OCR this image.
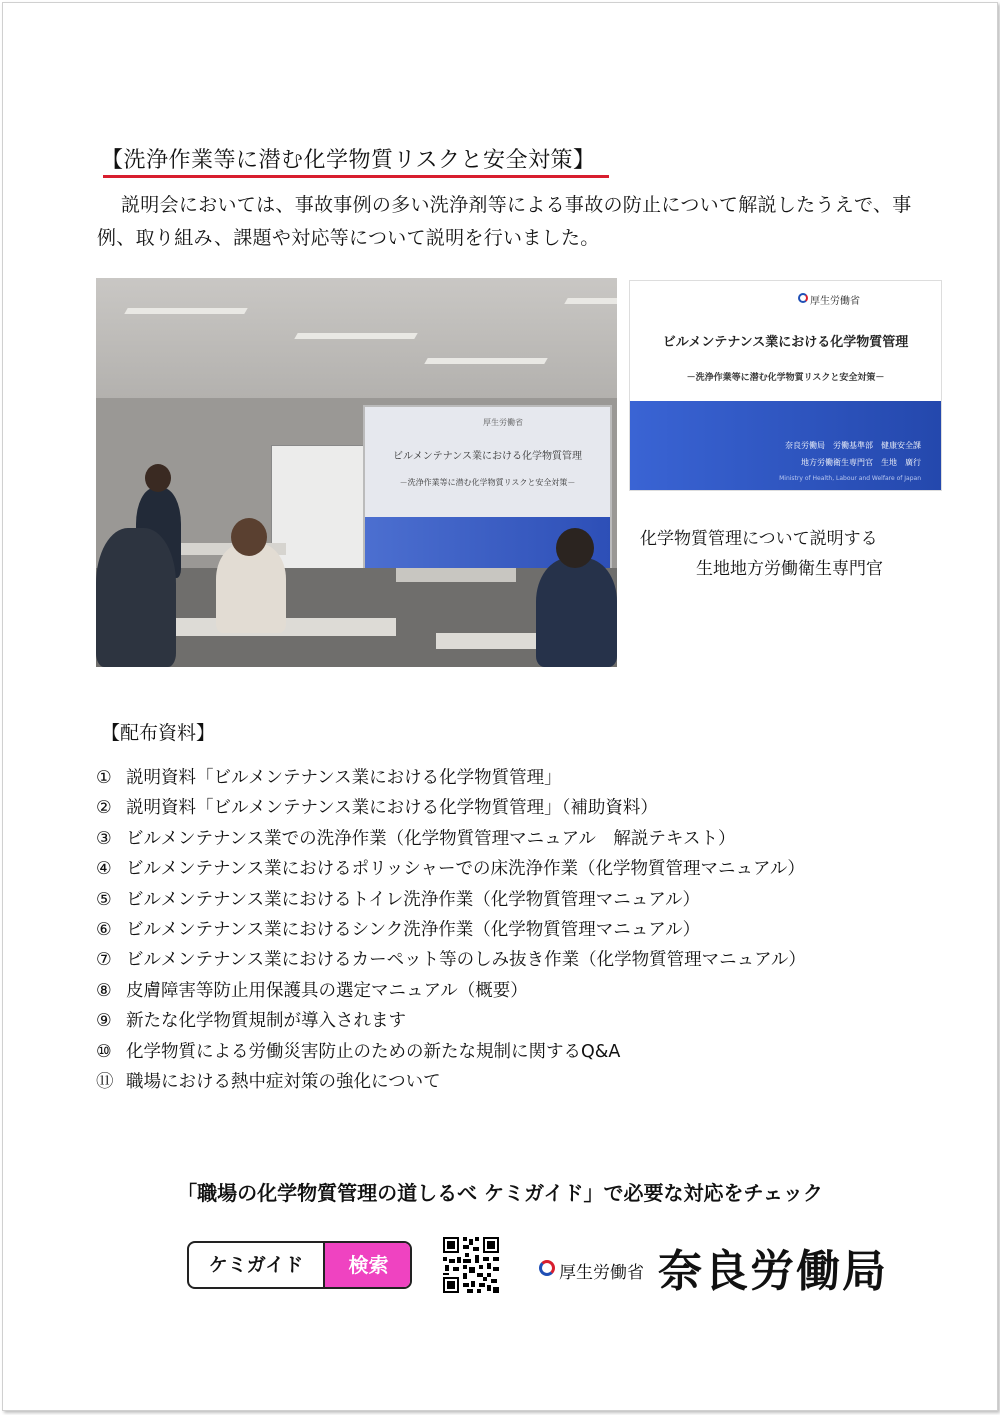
【洗浄作業等に潜む化学物質リスクと安全対策】
説明会においては、事故事例の多い洗浄剤等による事故の防止について解説したうえで、事例、取り組み、課題や対応等について説明を行いました。
厚生労働省
ビルメンテナンス業における化学物質管理
－洗浄作業等に潜む化学物質リスクと安全対策－
厚生労働省
ビルメンテナンス業における化学物質管理
－洗浄作業等に潜む化学物質リスクと安全対策－
奈良労働局　労働基準部　健康安全課
地方労働衛生専門官　生地　廣行
Ministry of Health, Labour and Welfare of Japan
化学物質管理について説明する
生地地方労働衛生専門官
【配布資料】
① 説明資料「ビルメンテナンス業における化学物質管理」
② 説明資料「ビルメンテナンス業における化学物質管理」（補助資料）
③ ビルメンテナンス業での洗浄作業（化学物質管理マニュアル　解説テキスト）
④ ビルメンテナンス業におけるポリッシャーでの床洗浄作業（化学物質管理マニュアル）
⑤ ビルメンテナンス業におけるトイレ洗浄作業（化学物質管理マニュアル）
⑥ ビルメンテナンス業におけるシンク洗浄作業（化学物質管理マニュアル）
⑦ ビルメンテナンス業におけるカーペット等のしみ抜き作業（化学物質管理マニュアル）
⑧ 皮膚障害等防止用保護具の選定マニュアル（概要）
⑨ 新たな化学物質規制が導入されます
⑩ 化学物質による労働災害防止のための新たな規制に関するQ&A
⑪ 職場における熱中症対策の強化について
「職場の化学物質管理の道しるべ ケミガイド」で必要な対応をチェック
ケミガイド	検索	厚生労働省 奈良労働局
